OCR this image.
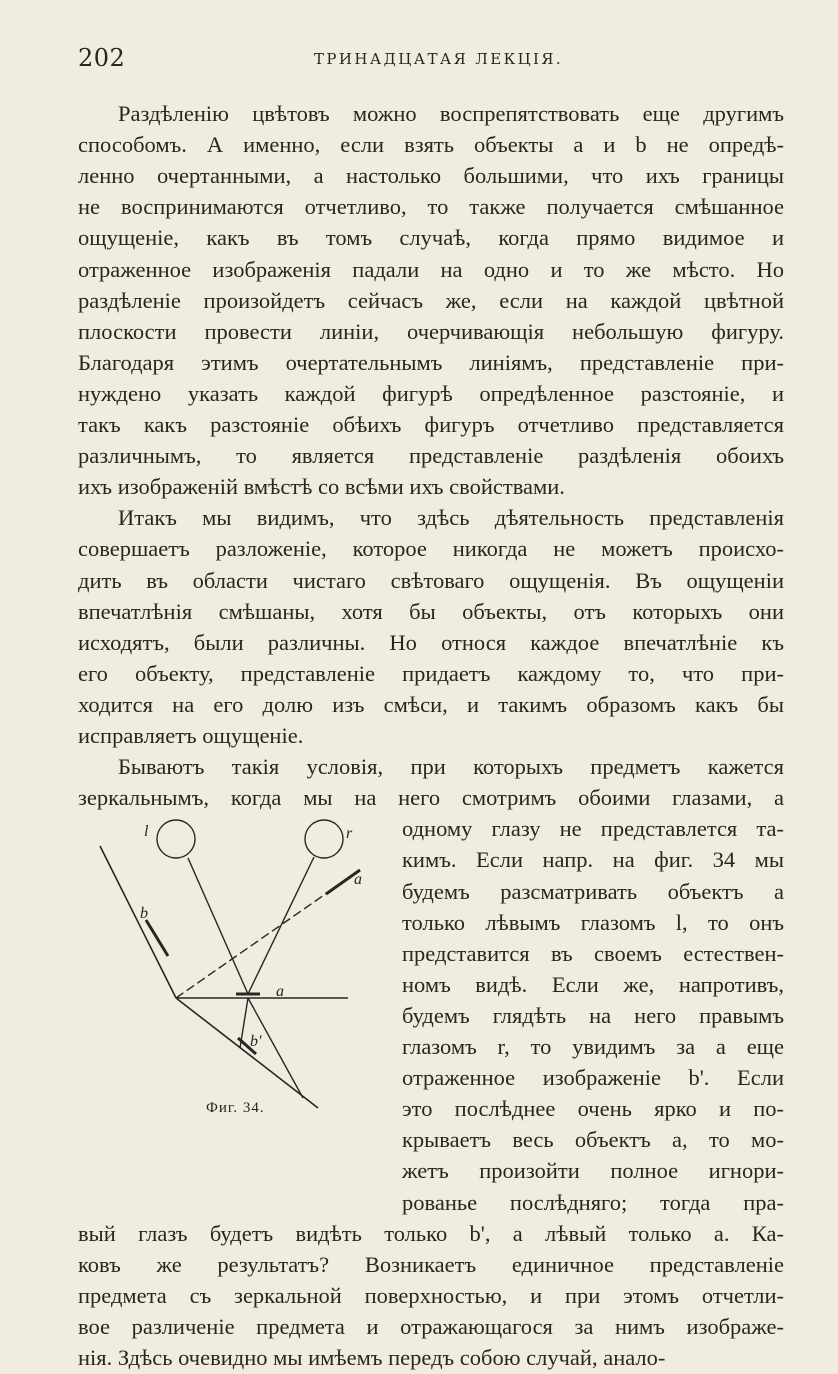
202	ТРИНАДЦАТАЯ ЛЕКЦІЯ.
Раздѣленію цвѣтовъ можно воспрепятствовать еще другимъ
способомъ. А именно, если взять объекты a и b не опредѣ-
ленно очертанными, а настолько большими, что ихъ границы
не воспринимаются отчетливо, то также получается смѣшанное
ощущеніе, какъ въ томъ случаѣ, когда прямо видимое и
отраженное изображенія падали на одно и то же мѣсто. Но
раздѣленіе произойдетъ сейчасъ же, если на каждой цвѣтной
плоскости провести линіи, очерчивающія небольшую фигуру.
Благодаря этимъ очертательнымъ линіямъ, представленіе при-
нуждено указать каждой фигурѣ опредѣленное разстояніе, и
такъ какъ разстояніе обѣихъ фигуръ отчетливо представляется
различнымъ, то является представленіе раздѣленія обоихъ
ихъ изображеній вмѣстѣ со всѣми ихъ свойствами.
Итакъ мы видимъ, что здѣсь дѣятельность представленія
совершаетъ разложеніе, которое никогда не можетъ происхо-
дить въ области чистаго свѣтоваго ощущенія. Въ ощущеніи
впечатлѣнія смѣшаны, хотя бы объекты, отъ которыхъ они
исходятъ, были различны. Но относя каждое впечатлѣніе къ
его объекту, представленіе придаетъ каждому то, что при-
ходится на его долю изъ смѣси, и такимъ образомъ какъ бы
исправляетъ ощущеніе.
Бываютъ такія условія, при которыхъ предметъ кажется
зеркальнымъ, когда мы на него смотримъ обоими глазами, а
одному глазу не представлется та-
кимъ. Если напр. на фиг. 34 мы
будемъ разсматривать объектъ a
только лѣвымъ глазомъ l, то онъ
представится въ своемъ естествен-
номъ видѣ. Если же, напротивъ,
будемъ глядѣть на него правымъ
глазомъ r, то увидимъ за a еще
отраженное изображеніе b'. Если
это послѣднее очень ярко и по-
крываетъ весь объектъ a, то мо-
жетъ произойти полное игнори-
рованье послѣдняго; тогда пра-
вый глазъ будетъ видѣть только b', а лѣвый только a. Ка-
ковъ же результатъ? Возникаетъ единичное представленіе
предмета съ зеркальной поверхностью, и при этомъ отчетли-
вое различеніе предмета и отражающагося за нимъ изображе-
нія. Здѣсь очевидно мы имѣемъ передъ собою случай, анало-
l	r
a
b
a
b'
Фиг. 34.
